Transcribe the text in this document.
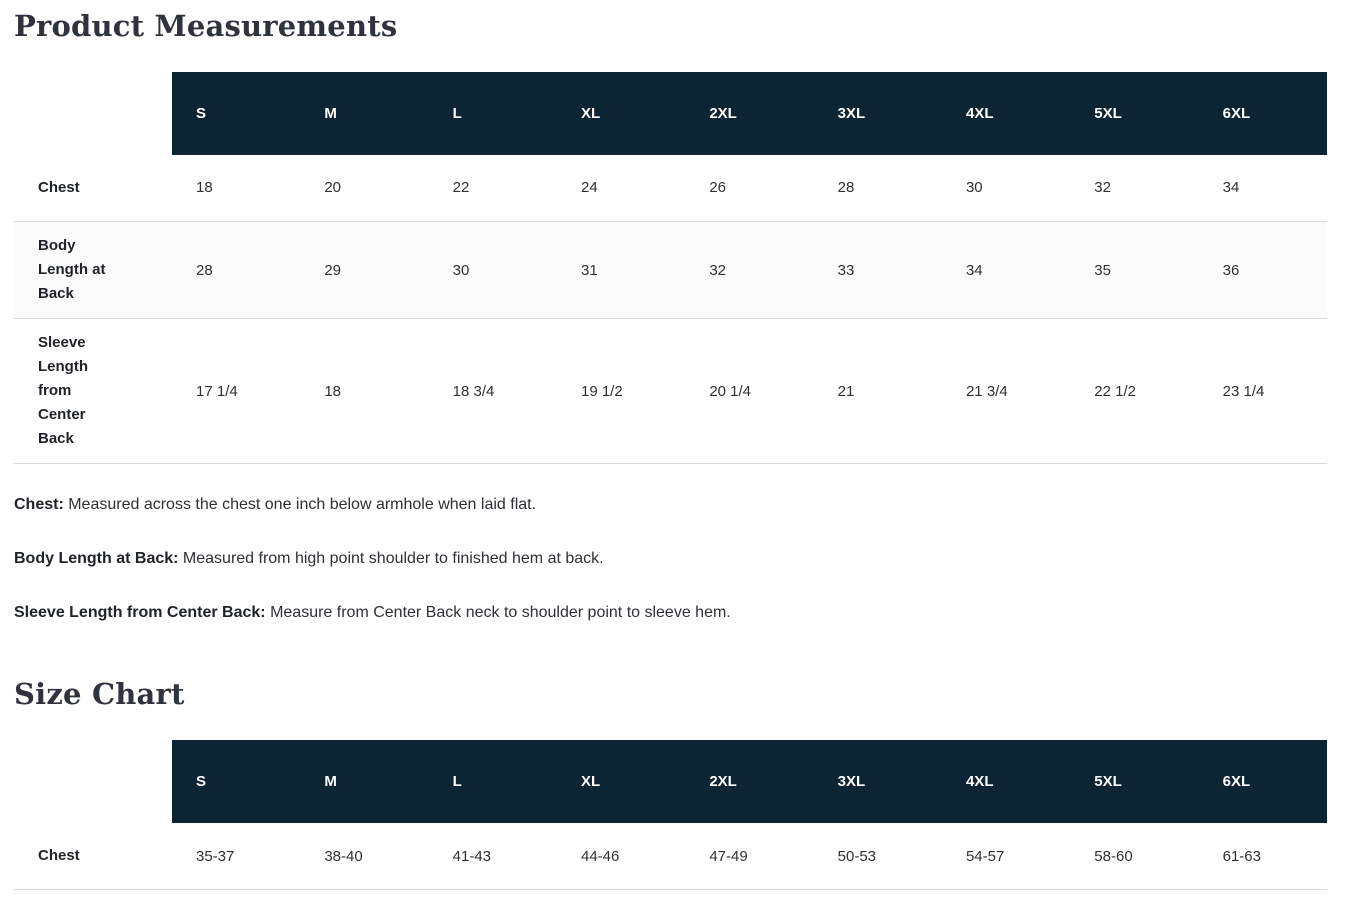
Product Measurements
	S	M	L	XL	2XL	3XL	4XL	5XL	6XL
Chest	18	20	22	24	26	28	30	32	34
Body Length at Back	28	29	30	31	32	33	34	35	36
Sleeve Length from Center Back	17 1/4	18	18 3/4	19 1/2	20 1/4	21	21 3/4	22 1/2	23 1/4

Chest: Measured across the chest one inch below armhole when laid flat.

Body Length at Back: Measured from high point shoulder to finished hem at back.

Sleeve Length from Center Back: Measure from Center Back neck to shoulder point to sleeve hem.

Size Chart
	S	M	L	XL	2XL	3XL	4XL	5XL	6XL
Chest	35-37	38-40	41-43	44-46	47-49	50-53	54-57	58-60	61-63
